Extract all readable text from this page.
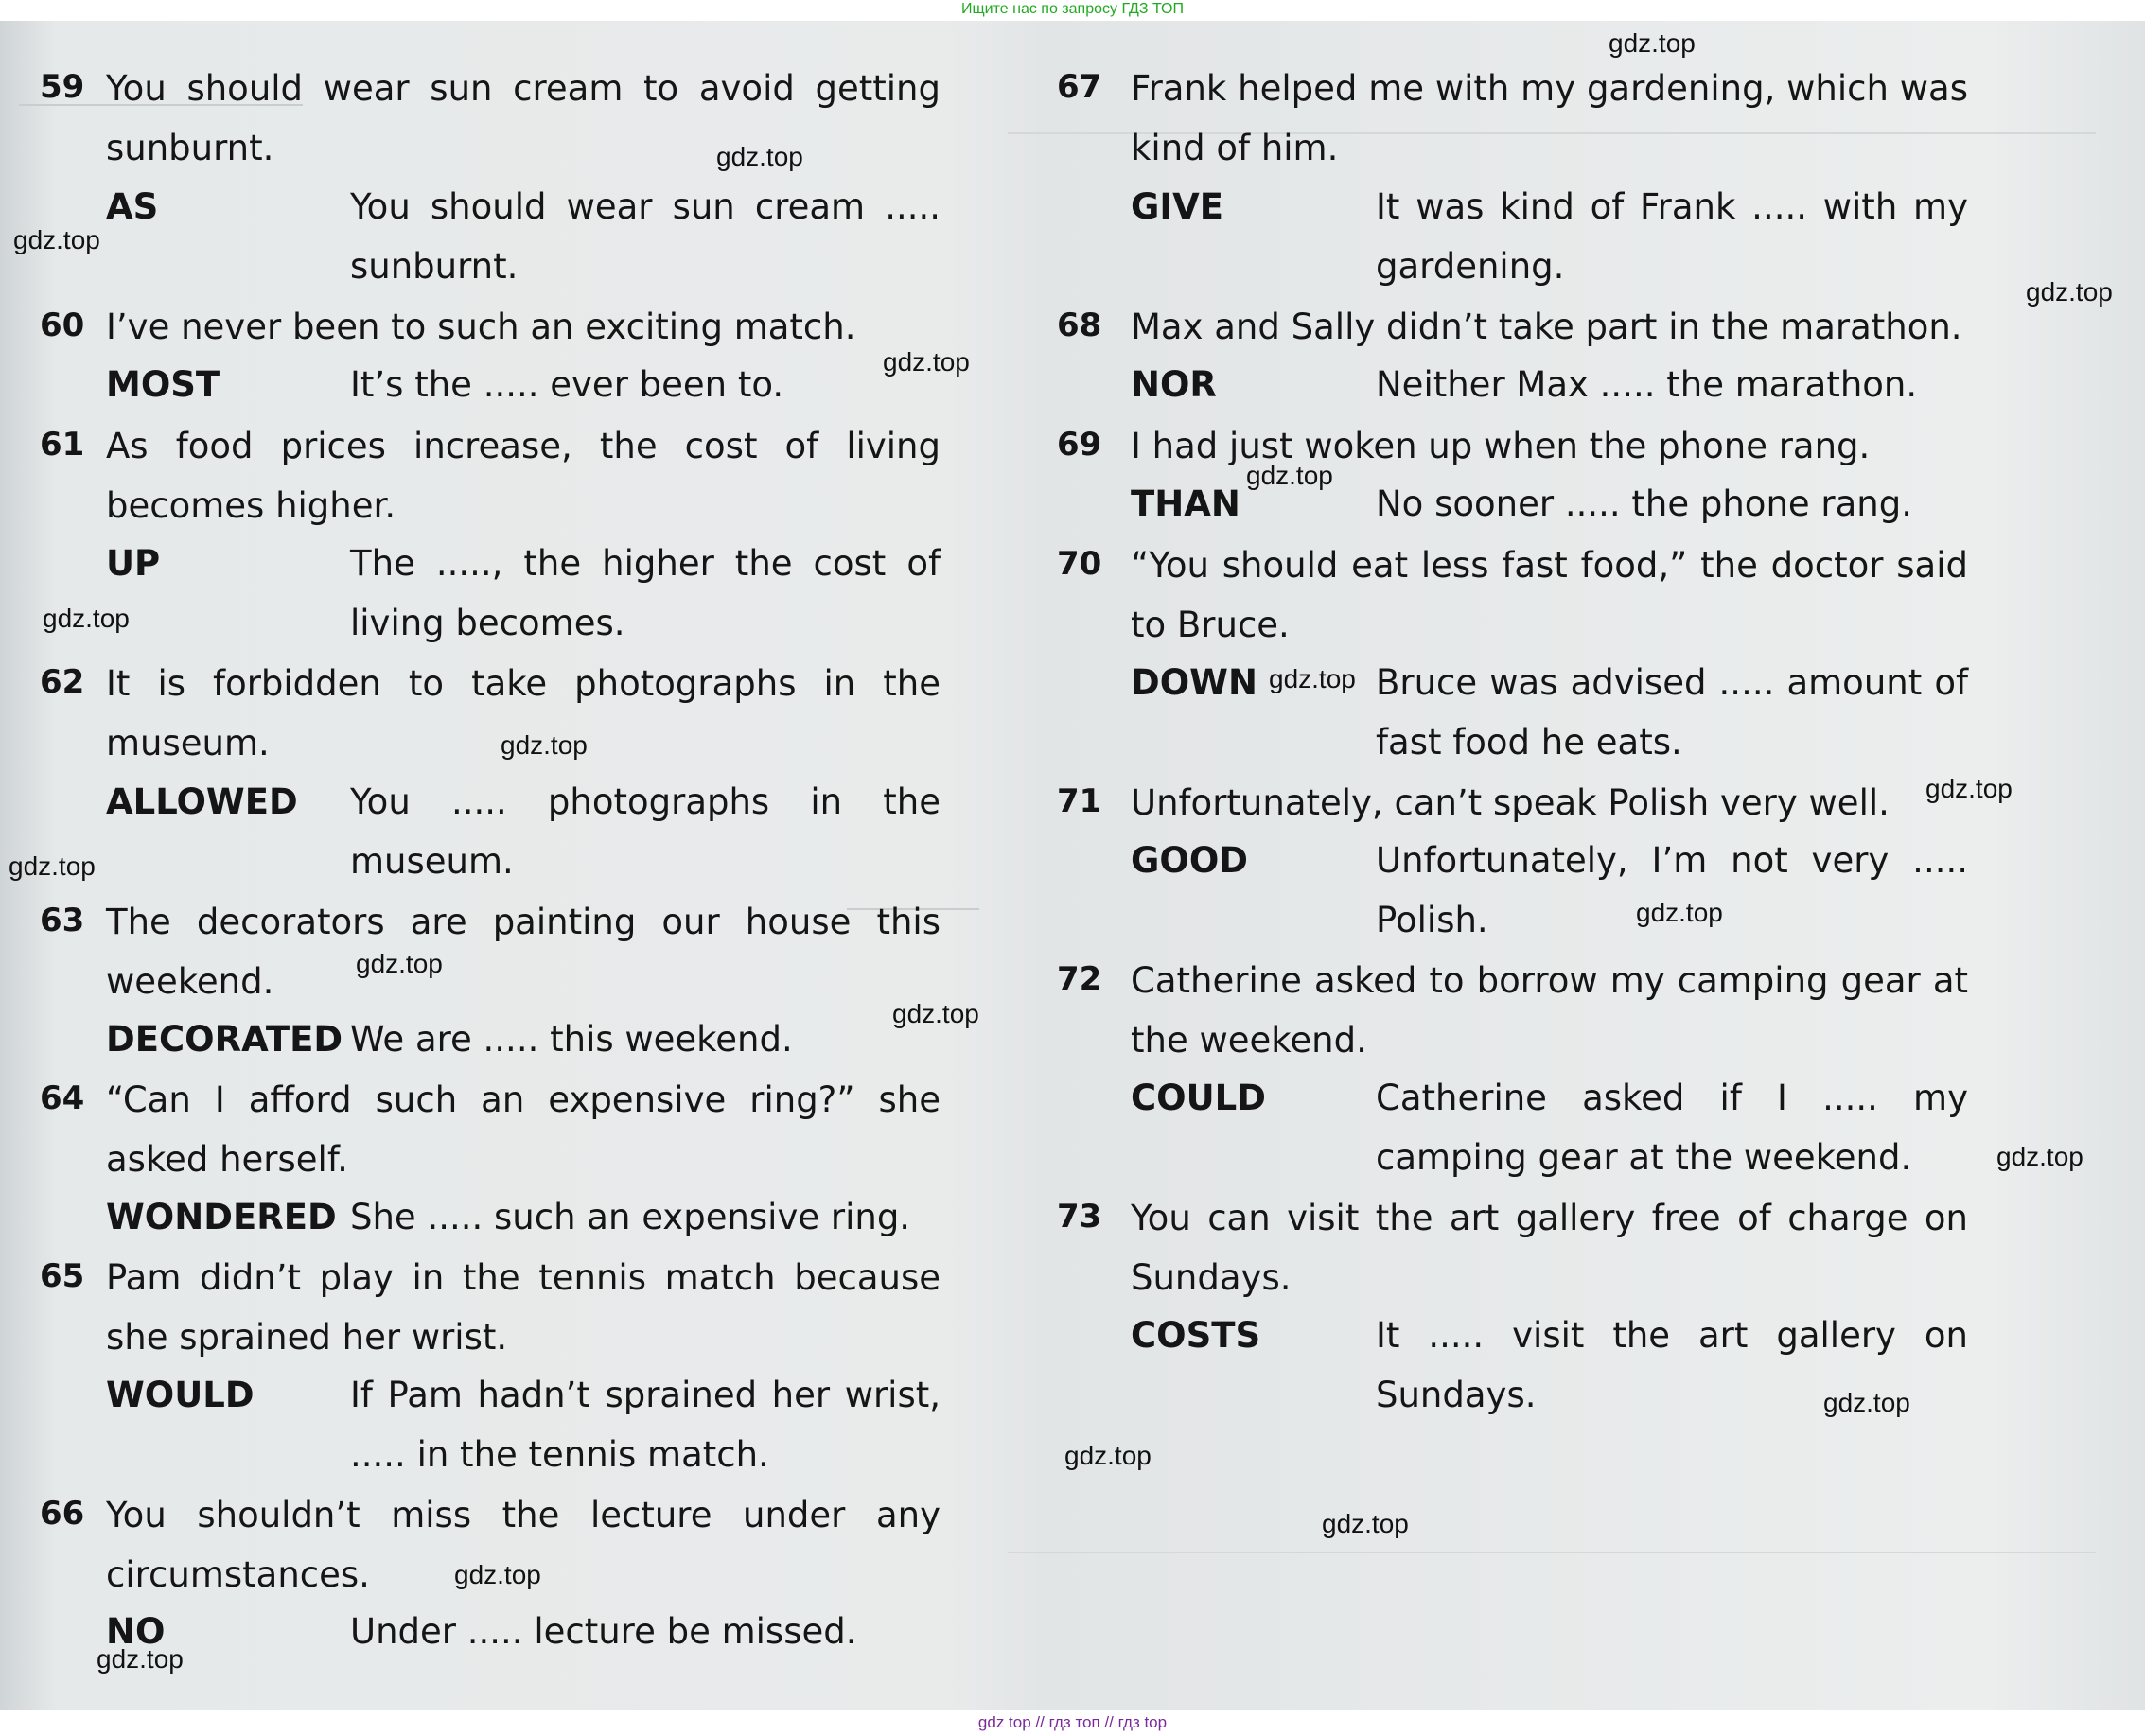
59 You should wear sun cream to avoid getting sunburnt.
AS	You should wear sun cream ..... sunburnt.
60 I’ve never been to such an exciting match.
MOST	It’s the ..... ever been to.
61 As food prices increase, the cost of living becomes higher.
UP	The ....., the higher the cost of living becomes.
62 It is forbidden to take photographs in the museum.
ALLOWED You ..... photographs in the museum.
63 The decorators are painting our house this weekend.
DECORATED We are ..... this weekend.
64 “Can I afford such an expensive ring?” she asked herself.
WONDERED She ..... such an expensive ring.
65 Pam didn’t play in the tennis match because she sprained her wrist.
WOULD	If Pam hadn’t sprained her wrist, ..... in the tennis match.
66 You shouldn’t miss the lecture under any circumstances.
NO	Under ..... lecture be missed.
67 Frank helped me with my gardening, which was kind of him.
GIVE	It was kind of Frank ..... with my gardening.
68 Max and Sally didn’t take part in the marathon.
NOR	Neither Max ..... the marathon.
69 I had just woken up when the phone rang.
THAN	No sooner ..... the phone rang.
70 “You should eat less fast food,” the doctor said to Bruce.
DOWN	Bruce was advised ..... amount of fast food he eats.
71 Unfortunately, can’t speak Polish very well.
GOOD	Unfortunately, I’m not very ..... Polish.
72 Catherine asked to borrow my camping gear at the weekend.
COULD	Catherine asked if I ..... my camping gear at the weekend.
73 You can visit the art gallery free of charge on Sundays.
COSTS	It ..... visit the art gallery on Sundays.
gdz.top
gdz.top
gdz.top
gdz.top
gdz.top
gdz.top
gdz.top
gdz.top
gdz.top
gdz.top
gdz.top
gdz.top
gdz.top
gdz.top
gdz.top
gdz.top
gdz.top
gdz.top
gdz.top
gdz.top
Ищите нас по запросу ГДЗ ТОП
gdz top // гдз топ // гдз top
